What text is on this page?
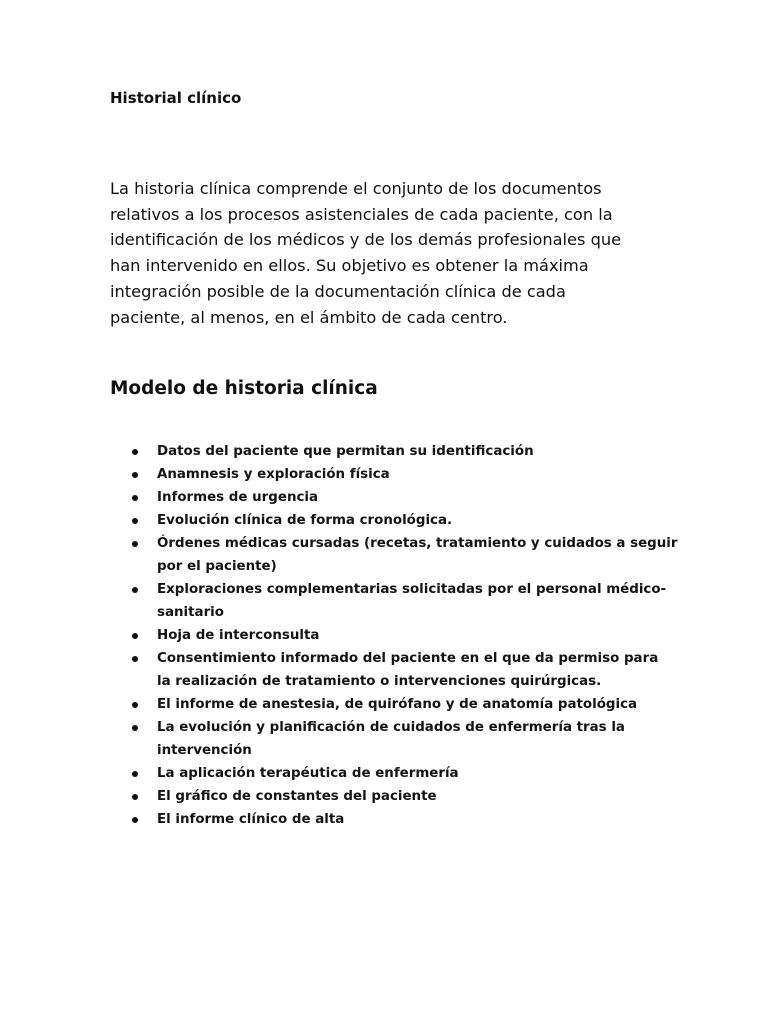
Historial clínico

La historia clínica comprende el conjunto de los documentos
relativos a los procesos asistenciales de cada paciente, con la
identificación de los médicos y de los demás profesionales que
han intervenido en ellos. Su objetivo es obtener la máxima
integración posible de la documentación clínica de cada
paciente, al menos, en el ámbito de cada centro.

Modelo de historia clínica
Datos del paciente que permitan su identificación
Anamnesis y exploración física
Informes de urgencia
Evolución clínica de forma cronológica.
Órdenes médicas cursadas (recetas, tratamiento y cuidados a seguir
por el paciente)
Exploraciones complementarias solicitadas por el personal médico-
sanitario
Hoja de interconsulta
Consentimiento informado del paciente en el que da permiso para
la realización de tratamiento o intervenciones quirúrgicas.
El informe de anestesia, de quirófano y de anatomía patológica
La evolución y planificación de cuidados de enfermería tras la
intervención
La aplicación terapéutica de enfermería
El gráfico de constantes del paciente
El informe clínico de alta
